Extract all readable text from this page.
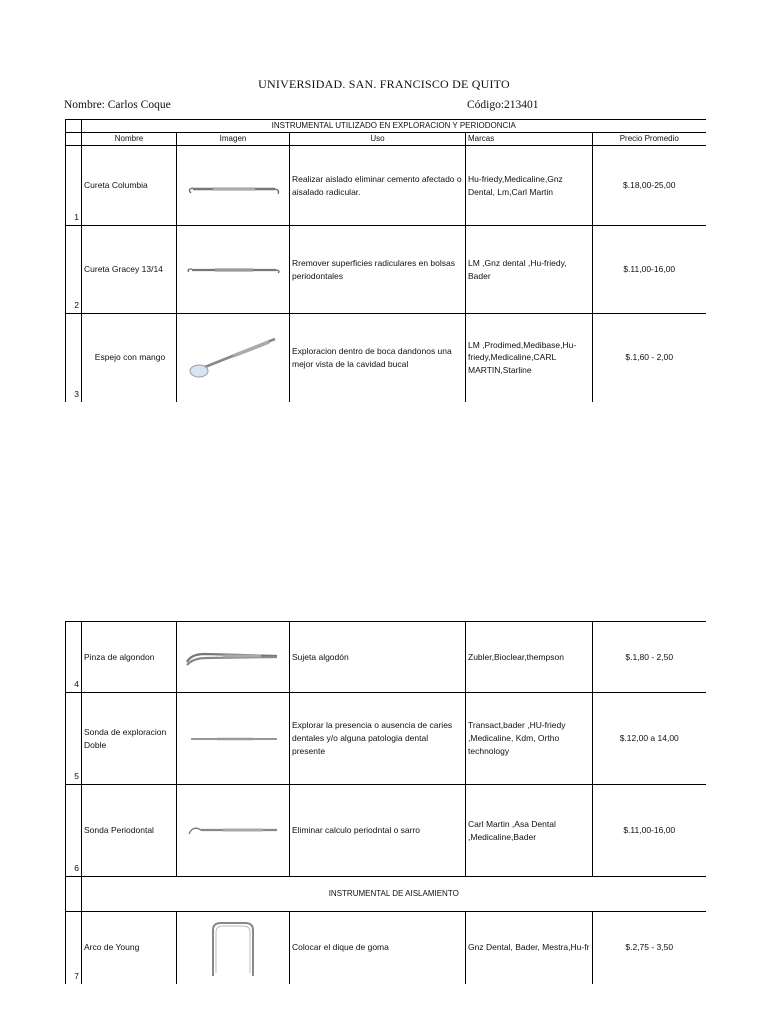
UNIVERSIDAD. SAN. FRANCISCO DE QUITO
Nombre: Carlos Coque	Código:213401
	INSTRUMENTAL UTILIZADO EN EXPLORACION Y PERIODONCIA				
	Nombre	Imagen	Uso	Marcas	Precio Promedio
1	Cureta Columbia		Realizar aislado eliminar cemento afectado o aisalado radicular.	Hu-friedy,Medicaline,Gnz Dental, Lm,Carl Martin	$.18,00-25,00
2	Cureta Gracey 13/14		Rremover superficies radiculares en bolsas periodontales	LM ,Gnz dental ,Hu-friedy, Bader	$.11,00-16,00
3	Espejo con mango		Exploracion dentro de boca dandonos una mejor vista de la cavidad bucal	LM ,Prodimed,Medibase,Hu-friedy,Medicaline,CARL MARTIN,Starline	$.1,60 - 2,00
4	Pinza de algondon		Sujeta algodón	Zubler,Bioclear,thempson	$.1,80 - 2,50
5	Sonda de exploracion Doble		Explorar la presencia o ausencia de caries dentales y/o alguna patologia dental presente	Transact,bader ,HU-friedy ,Medicaline, Kdm, Ortho technology	$.12,00 a 14,00
6	Sonda Periodontal		Eliminar calculo periodntal o sarro	Carl Martin ,Asa Dental ,Medicaline,Bader	$.11,00-16,00
	INSTRUMENTAL DE AISLAMIENTO				
7	Arco de Young		Colocar el dique de goma	Gnz Dental, Bader, Mestra,Hu-fr	$.2,75 - 3,50
